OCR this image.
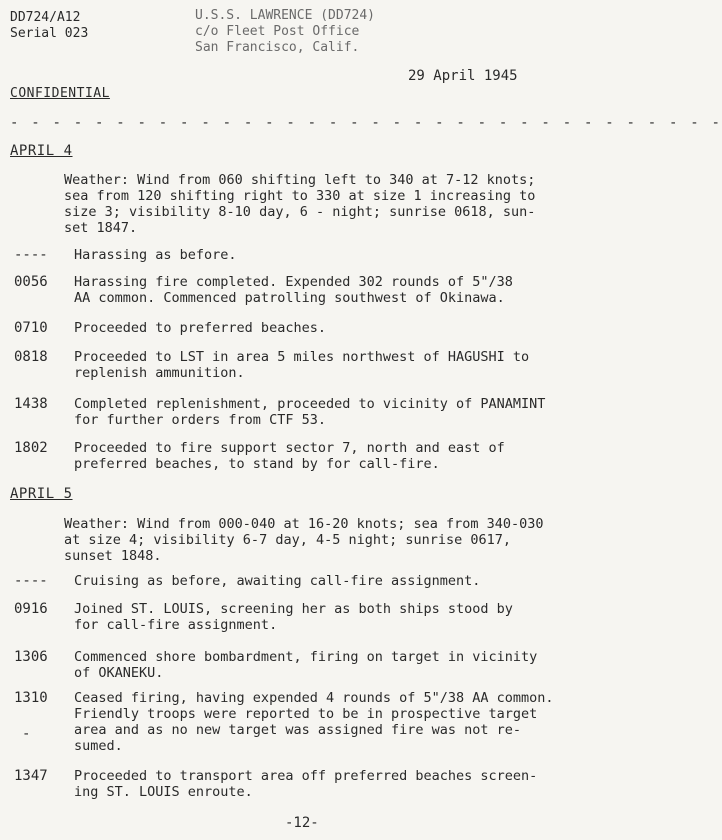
DD724/A12
Serial 023
U.S.S. LAWRENCE (DD724)
c/o Fleet Post Office
San Francisco, Calif.
29 April 1945
CONFIDENTIAL
- - - - - - - - - - - - - - - - - - - - - - - - - - - - - - - - - -
APRIL 4
Weather: Wind from 060 shifting left to 340 at 7-12 knots;
sea from 120 shifting right to 330 at size 1 increasing to
size 3; visibility 8-10 day, 6 - night; sunrise 0618, sun-
set 1847.
----	Harassing as before.
0056	Harassing fire completed. Expended 302 rounds of 5"/38
AA common. Commenced patrolling southwest of Okinawa.
0710	Proceeded to preferred beaches.
0818	Proceeded to LST in area 5 miles northwest of HAGUSHI to
replenish ammunition.
1438	Completed replenishment, proceeded to vicinity of PANAMINT
for further orders from CTF 53.
1802	Proceeded to fire support sector 7, north and east of
preferred beaches, to stand by for call-fire.
APRIL 5
Weather: Wind from 000-040 at 16-20 knots; sea from 340-030
at size 4; visibility 6-7 day, 4-5 night; sunrise 0617,
sunset 1848.
----	Cruising as before, awaiting call-fire assignment.
0916	Joined ST. LOUIS, screening her as both ships stood by
for call-fire assignment.
1306	Commenced shore bombardment, firing on target in vicinity
of OKANEKU.
1310	Ceased firing, having expended 4 rounds of 5"/38 AA common.
Friendly troops were reported to be in prospective target
area and as no new target was assigned fire was not re-
sumed.
-
1347	Proceeded to transport area off preferred beaches screen-
ing ST. LOUIS enroute.
-12-
